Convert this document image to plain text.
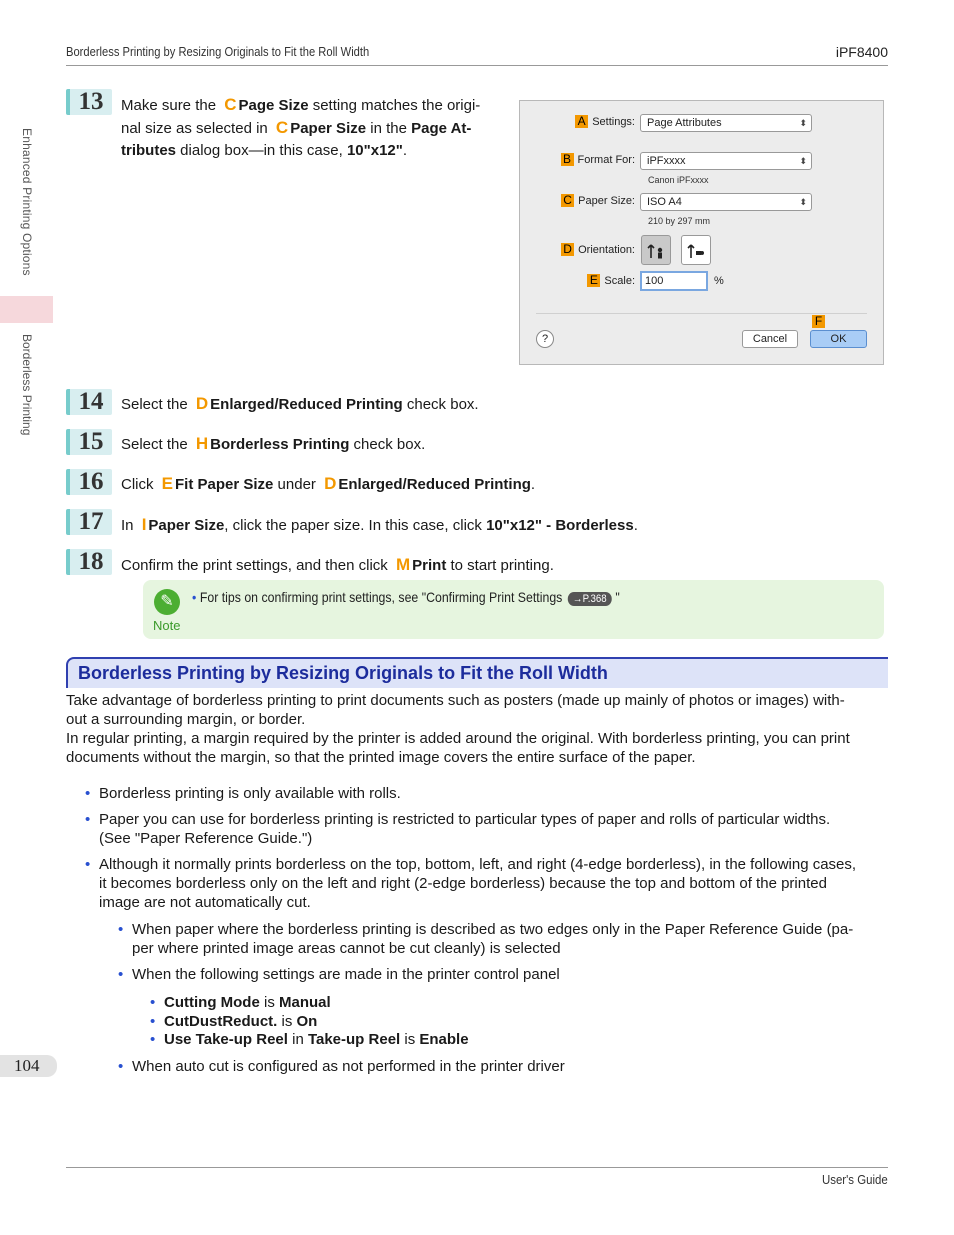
Borderless Printing by Resizing Originals to Fit the Roll Width	iPF8400
Enhanced Printing Options
Borderless Printing
13	Make sure the C Page Size setting matches the origi-
nal size as selected in C Paper Size in the Page At-
tributes dialog box—in this case, 10"x12".
A Settings:	Page Attributes	⬍
B Format For:	iPFxxxx	⬍
Canon iPFxxxx
C Paper Size:	ISO A4	⬍
210 by 297 mm
D Orientation:
E Scale: 100	%
F
?	Cancel	OK
14	Select the D Enlarged/Reduced Printing check box.
15	Select the H Borderless Printing check box.
16	Click E Fit Paper Size under D Enlarged/Reduced Printing.
17	In I Paper Size, click the paper size. In this case, click 10"x12" - Borderless.
18	Confirm the print settings, and then click M Print to start printing.
✎
Note
• For tips on confirming print settings, see "Confirming Print Settings →P.368 "
Borderless Printing by Resizing Originals to Fit the Roll Width
Take advantage of borderless printing to print documents such as posters (made up mainly of photos or images) with-
out a surrounding margin, or border.
In regular printing, a margin required by the printer is added around the original. With borderless printing, you can print
documents without the margin, so that the printed image covers the entire surface of the paper.
• Borderless printing is only available with rolls.
• Paper you can use for borderless printing is restricted to particular types of paper and rolls of particular widths.
(See "Paper Reference Guide.")
• Although it normally prints borderless on the top, bottom, left, and right (4-edge borderless), in the following cases,
it becomes borderless only on the left and right (2-edge borderless) because the top and bottom of the printed
image are not automatically cut.
• When paper where the borderless printing is described as two edges only in the Paper Reference Guide (pa-
per where printed image areas cannot be cut cleanly) is selected
• When the following settings are made in the printer control panel
• Cutting Mode is Manual
• CutDustReduct. is On
• Use Take-up Reel in Take-up Reel is Enable
• When auto cut is configured as not performed in the printer driver
104
User's Guide
